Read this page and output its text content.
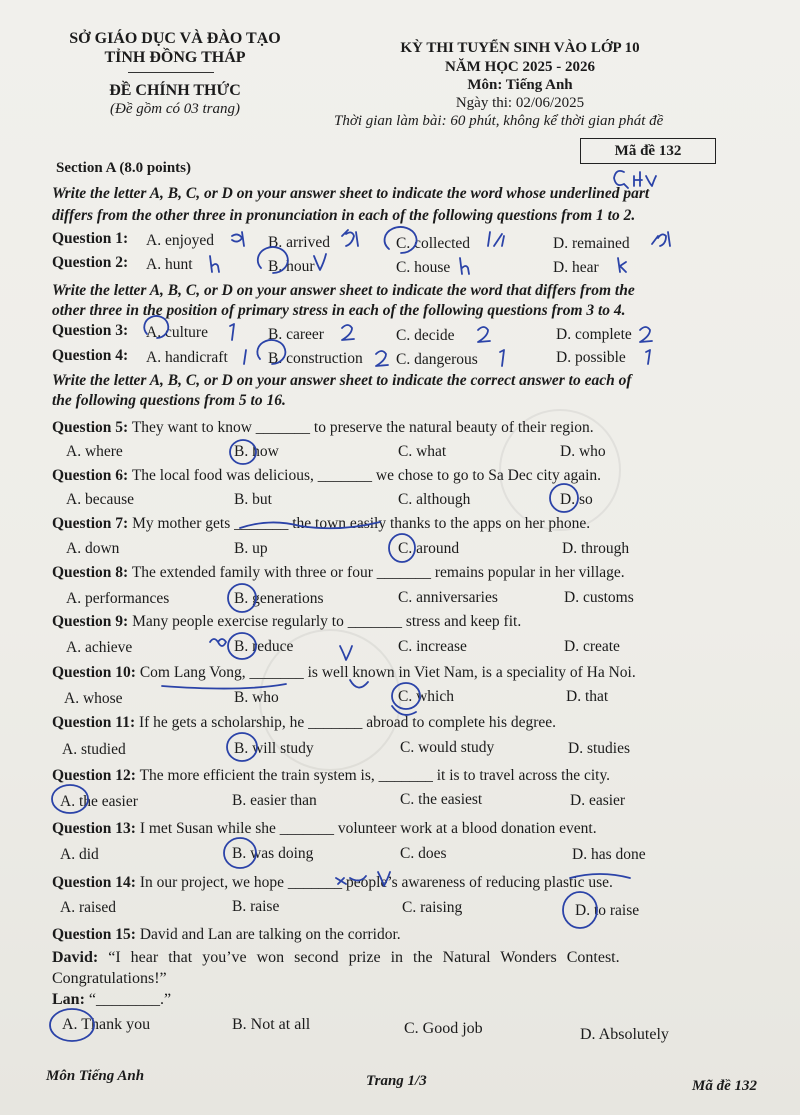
SỞ GIÁO DỤC VÀ ĐÀO TẠO
TỈNH ĐỒNG THÁP
ĐỀ CHÍNH THỨC
(Đề gồm có 03 trang)
KỲ THI TUYỂN SINH VÀO LỚP 10
NĂM HỌC 2025 - 2026
Môn: Tiếng Anh
Ngày thi: 02/06/2025
Thời gian làm bài: 60 phút, không kể thời gian phát đề
Mã đề 132
Section A (8.0 points)
Write the letter A, B, C, or D on your answer sheet to indicate the word whose underlined part
differs from the other three in pronunciation in each of the following questions from 1 to 2.
Question 1: A. enjoyed	B. arrived	C. collected	D. remained
Question 2: A. hunt	B. hour	C. house	D. hear
Write the letter A, B, C, or D on your answer sheet to indicate the word that differs from the
other three in the position of primary stress in each of the following questions from 3 to 4.
Question 3: A. culture	B. career	C. decide	D. complete
Question 4: A. handicraft	B. construction C. dangerous	D. possible
Write the letter A, B, C, or D on your answer sheet to indicate the correct answer to each of
the following questions from 5 to 16.
Question 5: They want to know _______ to preserve the natural beauty of their region.
A. where	B. how	C. what	D. who
Question 6: The local food was delicious, _______ we chose to go to Sa Dec city again.
A. because	B. but	C. although	D. so
Question 7: My mother gets _______ the town easily thanks to the apps on her phone.
A. down	B. up	C. around	D. through
Question 8: The extended family with three or four _______ remains popular in her village.
A. performances	B. generations	C. anniversaries	D. customs
Question 9: Many people exercise regularly to _______ stress and keep fit.
A. achieve	B. reduce	C. increase	D. create
Question 10: Com Lang Vong, _______ is well known in Viet Nam, is a speciality of Ha Noi.
A. whose	B. who	C. which	D. that
Question 11: If he gets a scholarship, he _______ abroad to complete his degree.
A. studied	B. will study	C. would study	D. studies
Question 12: The more efficient the train system is, _______ it is to travel across the city.
A. the easier	B. easier than	C. the easiest	D. easier
Question 13: I met Susan while she _______ volunteer work at a blood donation event.
A. did	B. was doing	C. does	D. has done
Question 14: In our project, we hope _______ people’s awareness of reducing plastic use.
A. raised	B. raise	C. raising	D. to raise
Question 15: David and Lan are talking on the corridor.
David: “I hear that you’ve won second prize in the Natural Wonders Contest.
Congratulations!”
Lan: “________.”
A. Thank you	B. Not at all	C. Good job	D. Absolutely
Môn Tiếng Anh	Trang 1/3	Mã đề 132
